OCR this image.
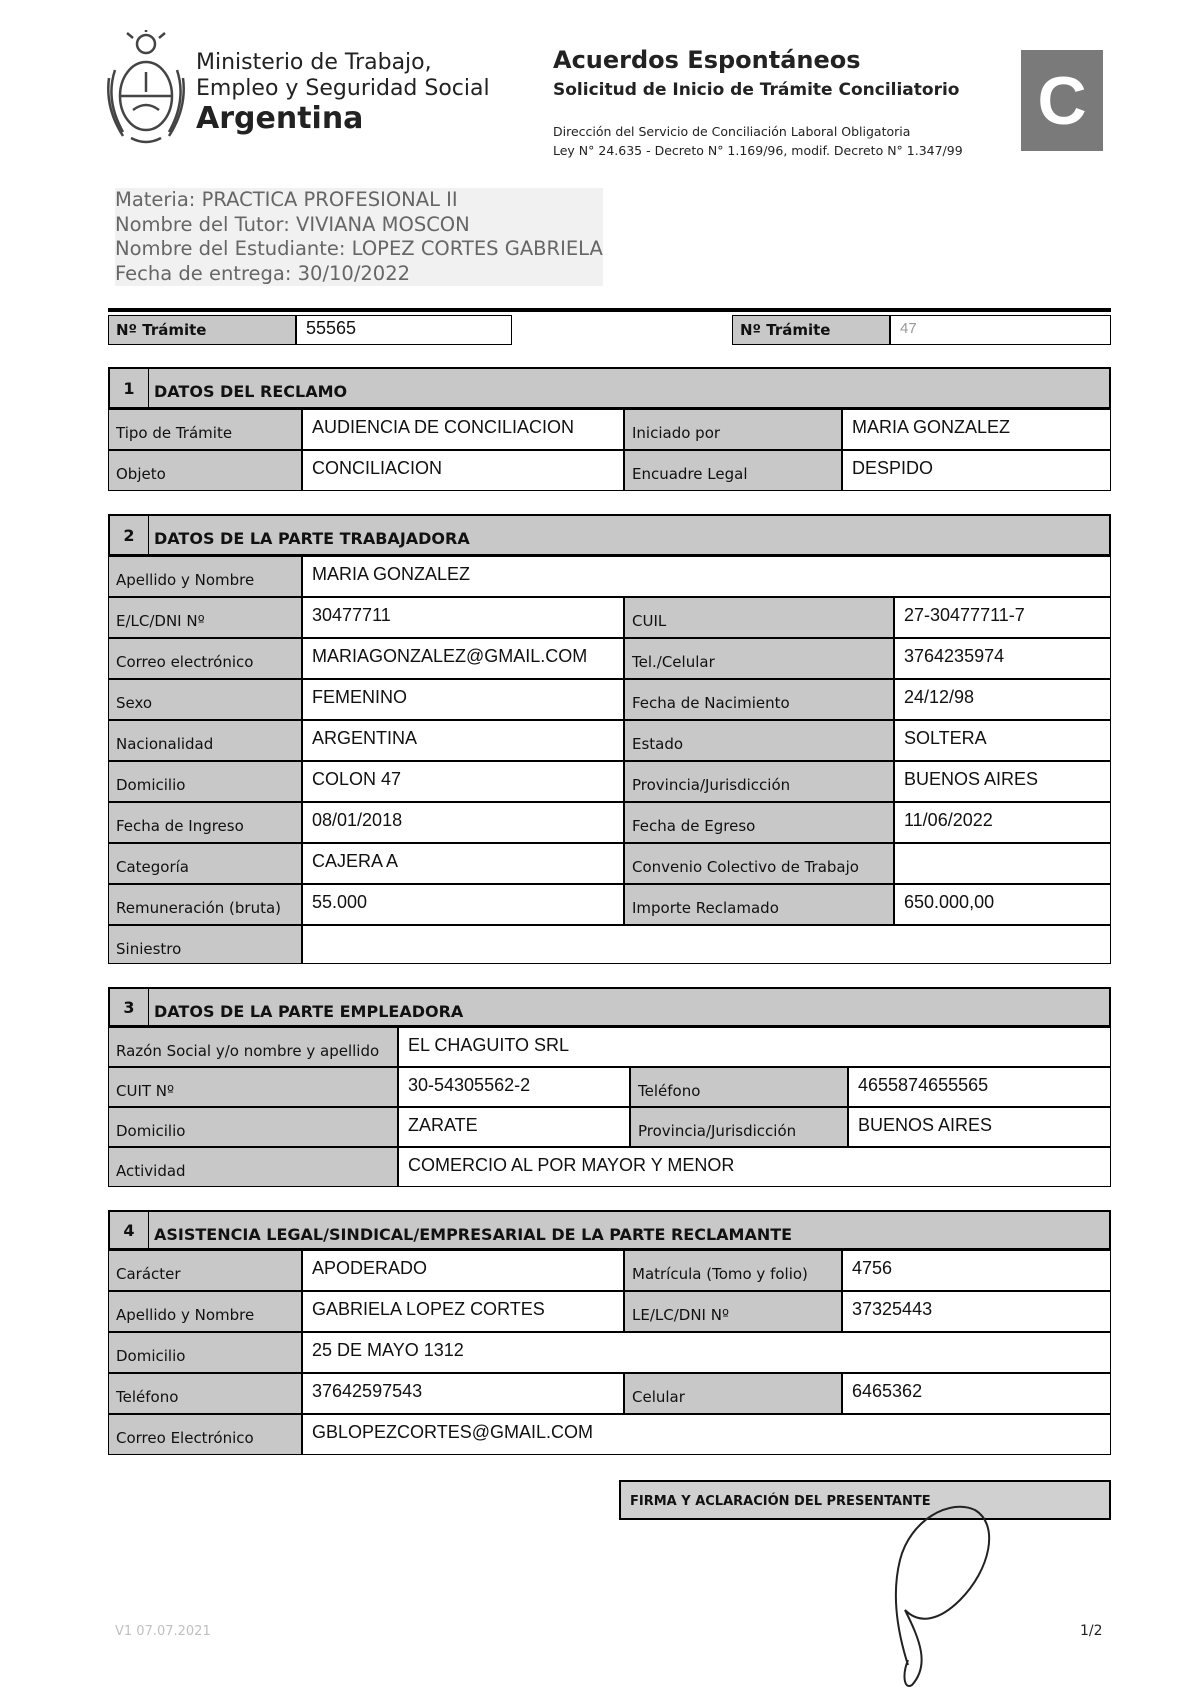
Ministerio de Trabajo,
Empleo y Seguridad Social
Argentina
Acuerdos Espontáneos
Solicitud de Inicio de Trámite Conciliatorio
Dirección del Servicio de Conciliación Laboral Obligatoria
Ley N° 24.635 - Decreto N° 1.169/96, modif. Decreto N° 1.347/99
C
Materia: PRACTICA PROFESIONAL II
Nombre del Tutor: VIVIANA MOSCON
Nombre del Estudiante: LOPEZ CORTES GABRIELA
Fecha de entrega: 30/10/2022
Nº Trámite	55565	Nº Trámite	47
1	DATOS DEL RECLAMO
Tipo de Trámite	AUDIENCIA DE CONCILIACION	Iniciado por	MARIA GONZALEZ
Objeto	CONCILIACION	Encuadre Legal	DESPIDO
2	DATOS DE LA PARTE TRABAJADORA
Apellido y Nombre	MARIA GONZALEZ
E/LC/DNI Nº	30477711	CUIL	27-30477711-7
Correo electrónico	MARIAGONZALEZ@GMAIL.COM	Tel./Celular	3764235974
Sexo	FEMENINO	Fecha de Nacimiento	24/12/98
Nacionalidad	ARGENTINA	Estado	SOLTERA
Domicilio	COLON 47	Provincia/Jurisdicción	BUENOS AIRES
Fecha de Ingreso	08/01/2018	Fecha de Egreso	11/06/2022
Categoría	CAJERA A	Convenio Colectivo de Trabajo
Remuneración (bruta)	55.000	Importe Reclamado	650.000,00
Siniestro
3	DATOS DE LA PARTE EMPLEADORA
Razón Social y/o nombre y apellido	EL CHAGUITO SRL
CUIT Nº	30-54305562-2	Teléfono	4655874655565
Domicilio	ZARATE	Provincia/Jurisdicción	BUENOS AIRES
Actividad	COMERCIO AL POR MAYOR Y MENOR
4	ASISTENCIA LEGAL/SINDICAL/EMPRESARIAL DE LA PARTE RECLAMANTE
Carácter	APODERADO	Matrícula (Tomo y folio)	4756
Apellido y Nombre	GABRIELA LOPEZ CORTES	LE/LC/DNI Nº	37325443
Domicilio	25 DE MAYO 1312
Teléfono	37642597543	Celular	6465362
Correo Electrónico	GBLOPEZCORTES@GMAIL.COM
FIRMA Y ACLARACIÓN DEL PRESENTANTE
V1 07.07.2021	1/2
